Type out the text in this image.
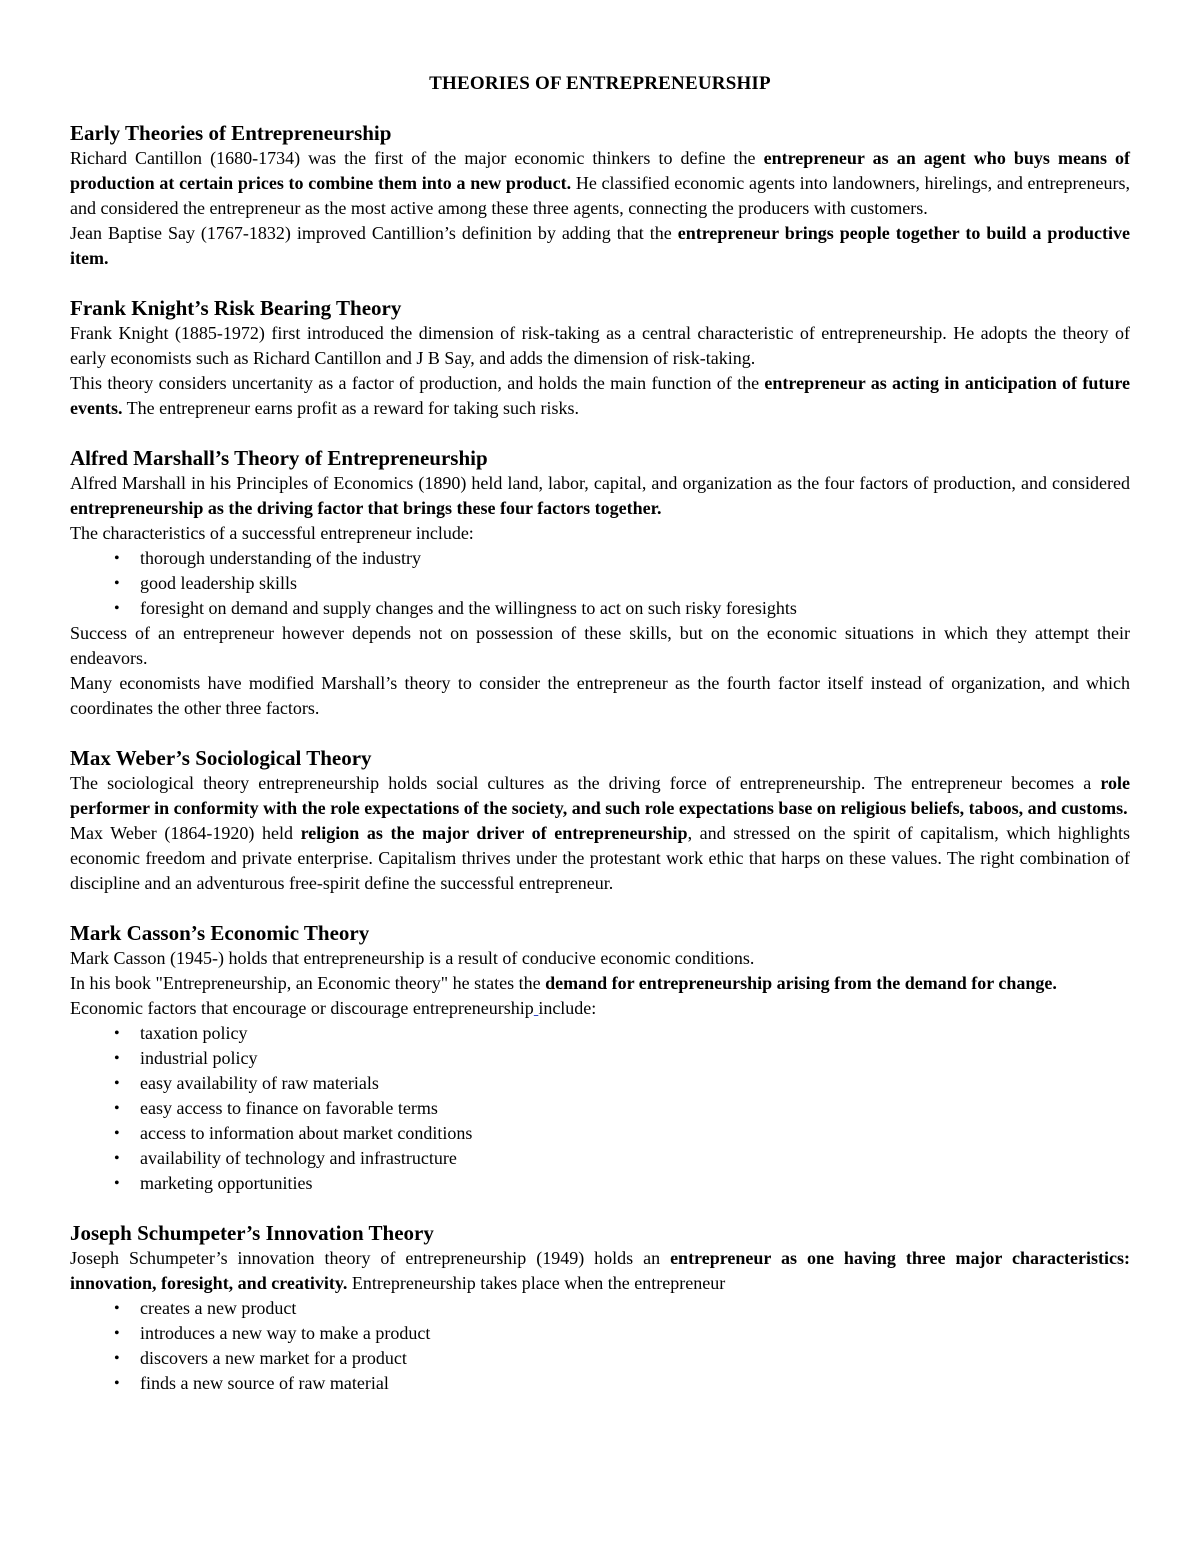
THEORIES OF ENTREPRENEURSHIP
Early Theories of Entrepreneurship

Richard Cantillon (1680-1734) was the first of the major economic thinkers to define the entrepreneur as an agent who buys means of production at certain prices to combine them into a new product. He classified economic agents into landowners, hirelings, and entrepreneurs, and considered the entrepreneur as the most active among these three agents, connecting the producers with customers.

Jean Baptise Say (1767-1832) improved Cantillion’s definition by adding that the entrepreneur brings people together to build a productive item.

Frank Knight’s Risk Bearing Theory

Frank Knight (1885-1972) first introduced the dimension of risk-taking as a central characteristic of entrepreneurship. He adopts the theory of early economists such as Richard Cantillon and J B Say, and adds the dimension of risk-taking.

This theory considers uncertanity as a factor of production, and holds the main function of the entrepreneur as acting in anticipation of future events. The entrepreneur earns profit as a reward for taking such risks.

Alfred Marshall’s Theory of Entrepreneurship

Alfred Marshall in his Principles of Economics (1890) held land, labor, capital, and organization as the four factors of production, and considered entrepreneurship as the driving factor that brings these four factors together.

The characteristics of a successful entrepreneur include:

• thorough understanding of the industry
• good leadership skills
• foresight on demand and supply changes and the willingness to act on such risky foresights

Success of an entrepreneur however depends not on possession of these skills, but on the economic situations in which they attempt their endeavors.

Many economists have modified Marshall’s theory to consider the entrepreneur as the fourth factor itself instead of organization, and which coordinates the other three factors.

Max Weber’s Sociological Theory

The sociological theory entrepreneurship holds social cultures as the driving force of entrepreneurship. The entrepreneur becomes a role performer in conformity with the role expectations of the society, and such role expectations base on religious beliefs, taboos, and customs.

Max Weber (1864-1920) held religion as the major driver of entrepreneurship, and stressed on the spirit of capitalism, which highlights economic freedom and private enterprise. Capitalism thrives under the protestant work ethic that harps on these values. The right combination of discipline and an adventurous free-spirit define the successful entrepreneur.

Mark Casson’s Economic Theory

Mark Casson (1945-) holds that entrepreneurship is a result of conducive economic conditions.

In his book "Entrepreneurship, an Economic theory" he states the demand for entrepreneurship arising from the demand for change.

Economic factors that encourage or discourage entrepreneurship include:

• taxation policy
• industrial policy
• easy availability of raw materials
• easy access to finance on favorable terms
• access to information about market conditions
• availability of technology and infrastructure
• marketing opportunities
Joseph Schumpeter’s Innovation Theory

Joseph Schumpeter’s innovation theory of entrepreneurship (1949) holds an entrepreneur as one having three major characteristics: innovation, foresight, and creativity. Entrepreneurship takes place when the entrepreneur

• creates a new product
• introduces a new way to make a product
• discovers a new market for a product
• finds a new source of raw material
